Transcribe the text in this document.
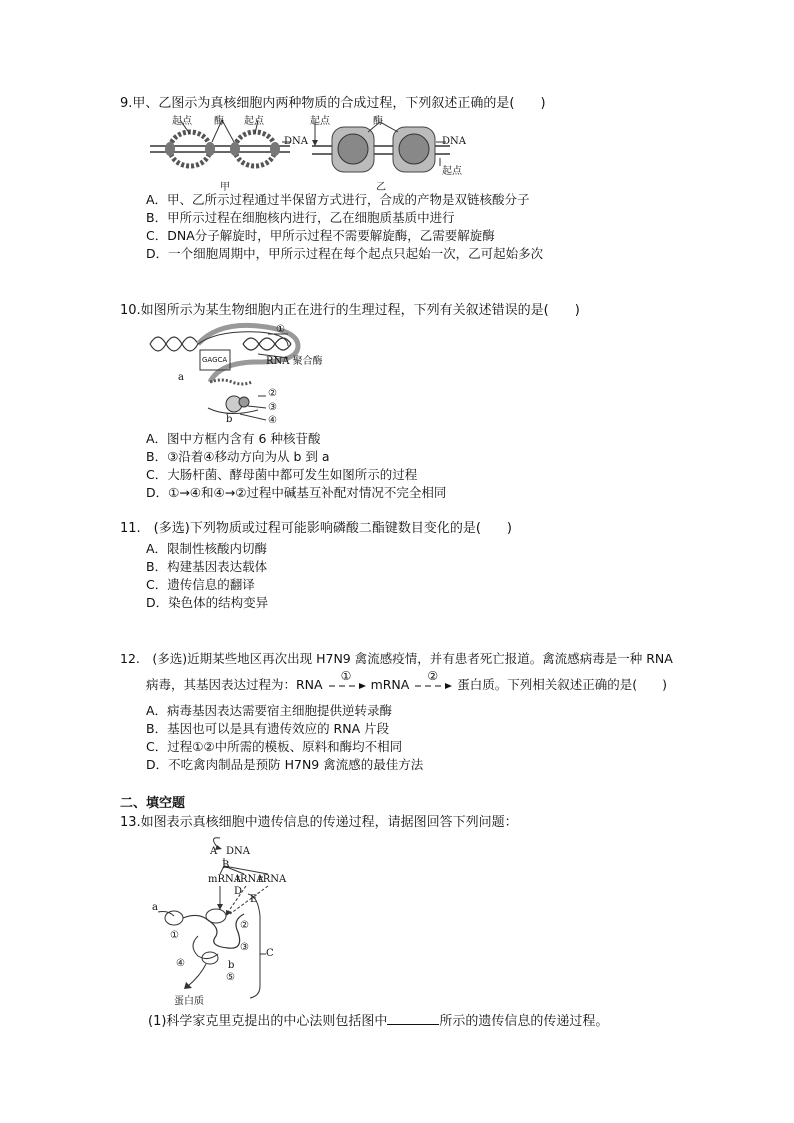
9.甲、乙图示为真核细胞内两种物质的合成过程，下列叙述正确的是(　　)
起点 酶 起点
DNA
甲
起点	酶
DNA
起点
乙
A．甲、乙所示过程通过半保留方式进行，合成的产物是双链核酸分子
B．甲所示过程在细胞核内进行，乙在细胞质基质中进行
C．DNA分子解旋时，甲所示过程不需要解旋酶，乙需要解旋酶
D．一个细胞周期中，甲所示过程在每个起点只起始一次，乙可起始多次
10.如图所示为某生物细胞内正在进行的生理过程，下列有关叙述错误的是(　　)
①
RNA 聚合酶
GAGCA
a
②
b
③
④
A．图中方框内含有 6 种核苷酸
B．③沿着④移动方向为从 b 到 a
C．大肠杆菌、酵母菌中都可发生如图所示的过程
D．①→④和④→②过程中碱基互补配对情况不完全相同
11.　(多选)下列物质或过程可能影响磷酸二酯键数目变化的是(　　)
A．限制性核酸内切酶
B．构建基因表达载体
C．遗传信息的翻译
D．染色体的结构变异
12.　(多选)近期某些地区再次出现 H7N9 禽流感疫情，并有患者死亡报道。禽流感病毒是一种 RNA
病毒，其基因表达过程为：RNA
①
mRNA
②
蛋白质。下列相关叙述正确的是(　　)
A．病毒基因表达需要宿主细胞提供逆转录酶
B．基因也可以是具有遗传效应的 RNA 片段
C．过程①②中所需的模板、原料和酶均不相同
D．不吃禽肉制品是预防 H7N9 禽流感的最佳方法
二、填空题
13.如图表示真核细胞中遗传信息的传递过程，请据图回答下列问题：
A DNA
B
mRNA
tRNA
rRNA
D
E
a
①
②
③
C
④	b
⑤
蛋白质
(1)科学家克里克提出的中心法则包括图中	所示的遗传信息的传递过程。
